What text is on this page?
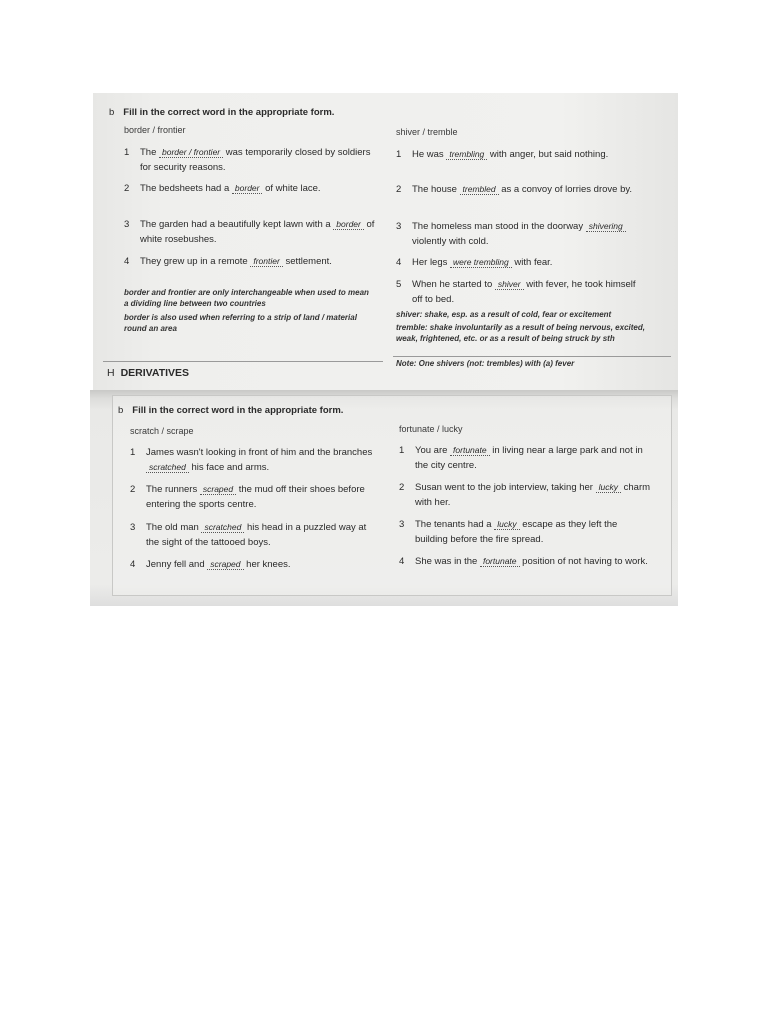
b Fill in the correct word in the appropriate form.
border / frontier
1 The border / frontier was temporarily closed by soldiers for security reasons.
2 The bedsheets had a border of white lace.
3 The garden had a beautifully kept lawn with a border of white rosebushes.
4 They grew up in a remote frontier settlement.
border and frontier are only interchangeable when used to mean a dividing line between two countries
border is also used when referring to a strip of land / material round an area
shiver / tremble
1 He was trembling with anger, but said nothing.
2 The house trembled as a convoy of lorries drove by.
3 The homeless man stood in the doorway shivering violently with cold.
4 Her legs were trembling with fear.
5 When he started to shiver with fever, he took himself off to bed.
shiver: shake, esp. as a result of cold, fear or excitement
tremble: shake involuntarily as a result of being nervous, excited, weak, frightened, etc. or as a result of being struck by sth
Note: One shivers (not: trembles) with (a) fever
H DERIVATIVES
b Fill in the correct word in the appropriate form.
scratch / scrape
1 James wasn't looking in front of him and the branches scratched his face and arms.
2 The runners scraped the mud off their shoes before entering the sports centre.
3 The old man scratched his head in a puzzled way at the sight of the tattooed boys.
4 Jenny fell and scraped her knees.
fortunate / lucky
1 You are fortunate in living near a large park and not in the city centre.
2 Susan went to the job interview, taking her lucky charm with her.
3 The tenants had a lucky escape as they left the building before the fire spread.
4 She was in the fortunate position of not having to work.
